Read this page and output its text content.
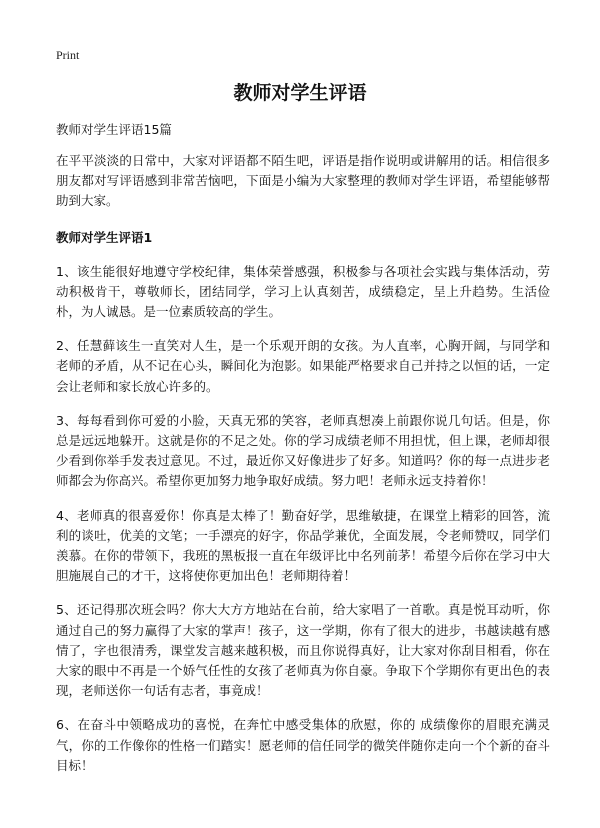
Print
教师对学生评语

教师对学生评语15篇

在平平淡淡的日常中，大家对评语都不陌生吧，评语是指作说明或讲解用的话。相信很多朋友都对写评语感到非常苦恼吧，下面是小编为大家整理的教师对学生评语，希望能够帮助到大家。

教师对学生评语1

1、该生能很好地遵守学校纪律，集体荣誉感强，积极参与各项社会实践与集体活动，劳动积极肯干，尊敬师长，团结同学，学习上认真刻苦，成绩稳定，呈上升趋势。生活俭朴，为人诚恳。是一位素质较高的学生。

2、任慧藓该生一直笑对人生，是一个乐观开朗的女孩。为人直率，心胸开阔，与同学和老师的矛盾，从不记在心头，瞬间化为泡影。如果能严格要求自己并持之以恒的话，一定会让老师和家长放心许多的。

3、每每看到你可爱的小脸，天真无邪的笑容，老师真想凑上前跟你说几句话。但是，你总是远远地躲开。这就是你的不足之处。你的学习成绩老师不用担忧，但上课，老师却很少看到你举手发表过意见。不过，最近你又好像进步了好多。知道吗？你的每一点进步老师都会为你高兴。希望你更加努力地争取好成绩。努力吧！老师永远支持着你！

4、老师真的很喜爱你！你真是太棒了！勤奋好学，思维敏捷，在课堂上精彩的回答，流利的谈吐，优美的文笔；一手漂亮的好字，你品学兼优，全面发展，令老师赞叹，同学们羡慕。在你的带领下，我班的黑板报一直在年级评比中名列前茅！希望今后你在学习中大胆施展自己的才干，这将使你更加出色！老师期待着！

5、还记得那次班会吗？你大大方方地站在台前，给大家唱了一首歌。真是悦耳动听，你通过自己的努力赢得了大家的掌声！孩子，这一学期，你有了很大的进步，书越读越有感情了，字也很清秀，课堂发言越来越积极，而且你说得真好，让大家对你刮目相看，你在大家的眼中不再是一个娇气任性的女孩了老师真为你自豪。争取下个学期你有更出色的表现，老师送你一句话有志者，事竟成！

6、在奋斗中领略成功的喜悦，在奔忙中感受集体的欣慰，你的 成绩像你的眉眼充满灵气，你的工作像你的性格一们踏实！愿老师的信任同学的微笑伴随你走向一个个新的奋斗目标！
